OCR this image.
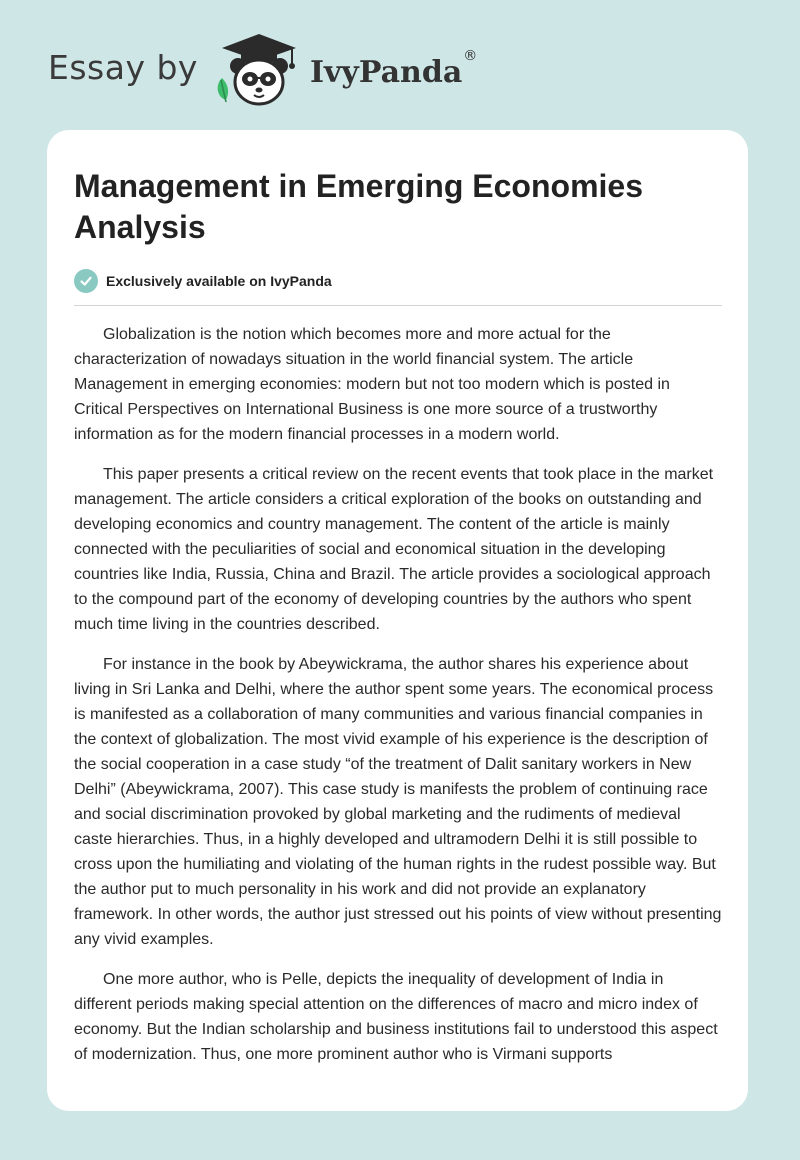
Essay by	IvyPanda ®
Management in Emerging Economies Analysis
Exclusively available on IvyPanda

Globalization is the notion which becomes more and more actual for the characterization of nowadays situation in the world financial system. The article Management in emerging economies: modern but not too modern which is posted in Critical Perspectives on International Business is one more source of a trustworthy information as for the modern financial processes in a modern world.

This paper presents a critical review on the recent events that took place in the market management. The article considers a critical exploration of the books on outstanding and developing economics and country management. The content of the article is mainly connected with the peculiarities of social and economical situation in the developing countries like India, Russia, China and Brazil. The article provides a sociological approach to the compound part of the economy of developing countries by the authors who spent much time living in the countries described.

For instance in the book by Abeywickrama, the author shares his experience about living in Sri Lanka and Delhi, where the author spent some years. The economical process is manifested as a collaboration of many communities and various financial companies in the context of globalization. The most vivid example of his experience is the description of the social cooperation in a case study “of the treatment of Dalit sanitary workers in New Delhi” (Abeywickrama, 2007). This case study is manifests the problem of continuing race and social discrimination provoked by global marketing and the rudiments of medieval caste hierarchies. Thus, in a highly developed and ultramodern Delhi it is still possible to cross upon the humiliating and violating of the human rights in the rudest possible way. But the author put to much personality in his work and did not provide an explanatory framework. In other words, the author just stressed out his points of view without presenting any vivid examples.

One more author, who is Pelle, depicts the inequality of development of India in different periods making special attention on the differences of macro and micro index of economy. But the Indian scholarship and business institutions fail to understood this aspect of modernization. Thus, one more prominent author who is Virmani supports
